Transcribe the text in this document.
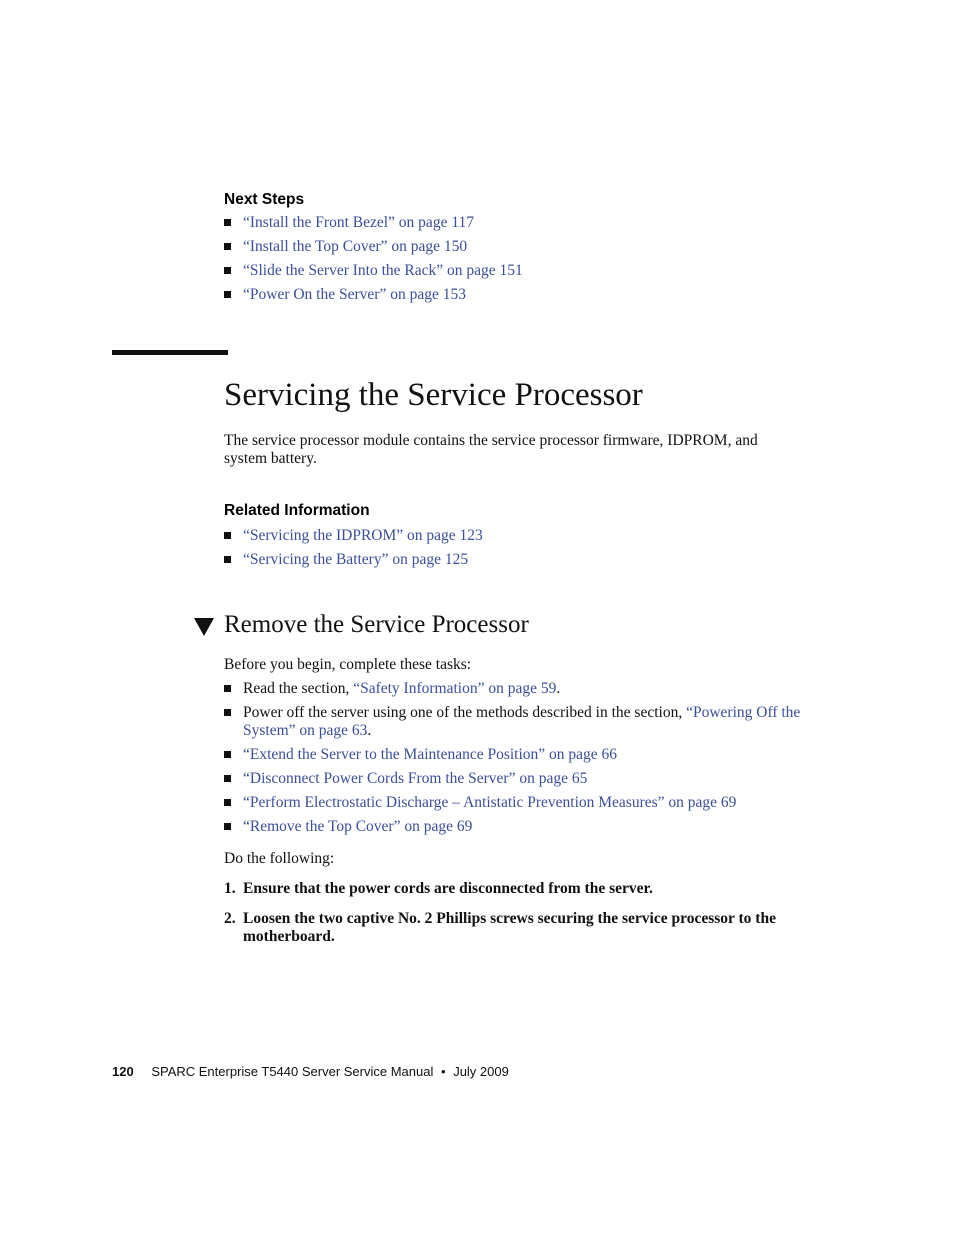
Next Steps
“Install the Front Bezel” on page 117
“Install the Top Cover” on page 150
“Slide the Server Into the Rack” on page 151
“Power On the Server” on page 153
Servicing the Service Processor
The service processor module contains the service processor firmware, IDPROM, and system battery.
Related Information
“Servicing the IDPROM” on page 123
“Servicing the Battery” on page 125
Remove the Service Processor
Before you begin, complete these tasks:
Read the section, “Safety Information” on page 59.
Power off the server using one of the methods described in the section, “Powering Off the System” on page 63.
“Extend the Server to the Maintenance Position” on page 66
“Disconnect Power Cords From the Server” on page 65
“Perform Electrostatic Discharge – Antistatic Prevention Measures” on page 69
“Remove the Top Cover” on page 69
Do the following:
1. Ensure that the power cords are disconnected from the server.
2. Loosen the two captive No. 2 Phillips screws securing the service processor to the motherboard.
120 SPARC Enterprise T5440 Server Service Manual • July 2009
